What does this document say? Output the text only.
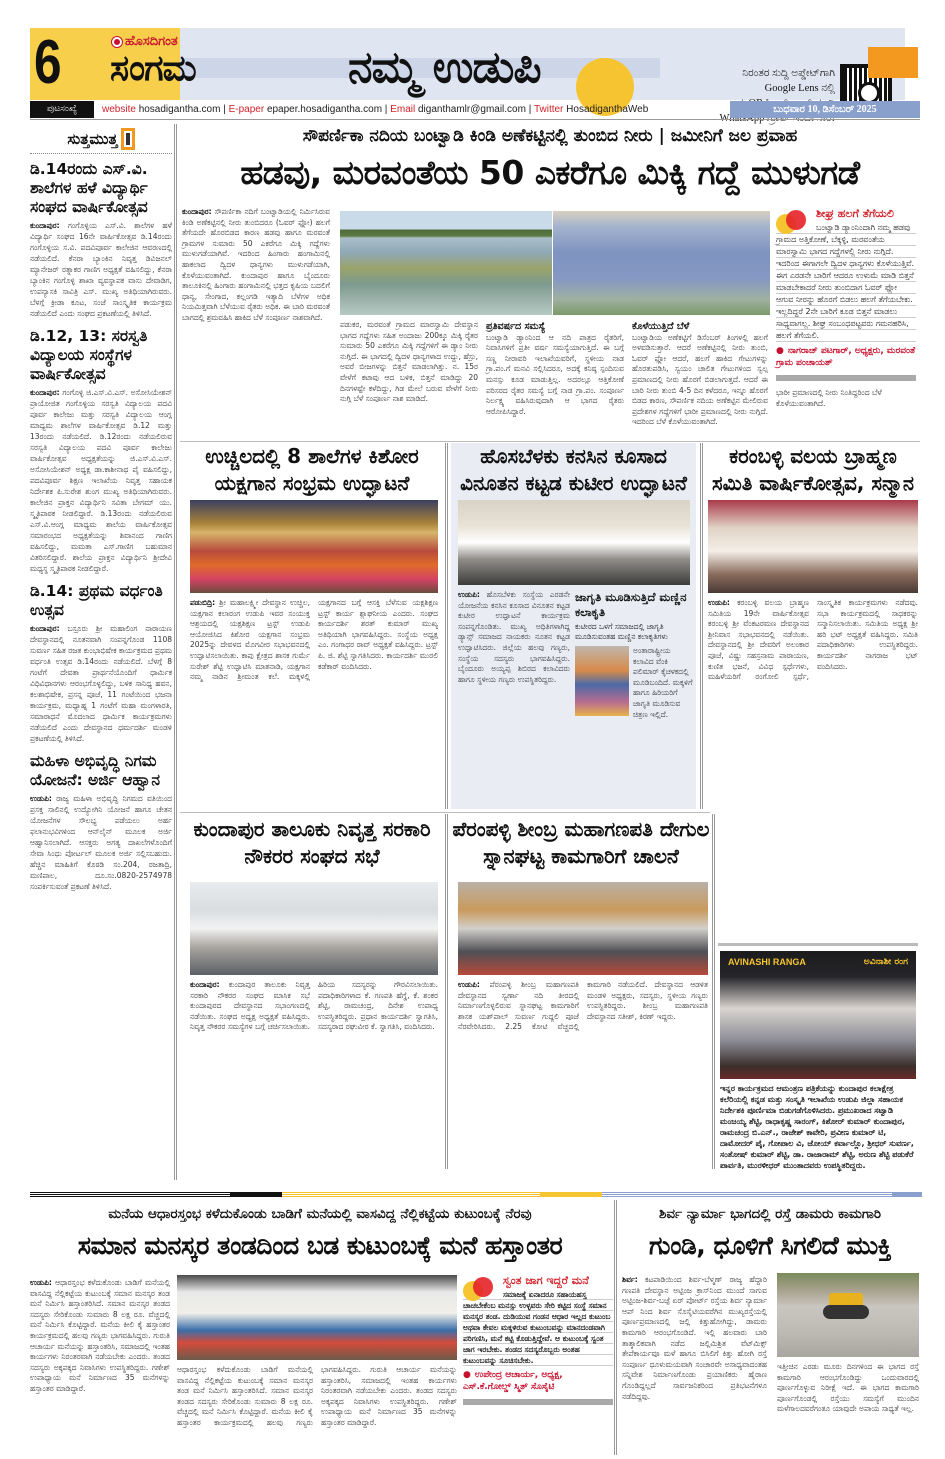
6	ಹೊಸದಿಗಂತ
ಸಂಗಮ	ನಮ್ಮ ಉಡುಪಿ	ನಿರಂತರ ಸುದ್ದಿ ಅಪ್ಡೇಟ್‌ಗಾಗಿ
Google Lens ನಲ್ಲಿ
ಪುಟಸಂಖ್ಯೆ	website hosadigantha.com | E-paper epaper.hosadigantha.com | Email diganthamlr@gmail.com | Twitter HosadiganthaWeb	ಬುಧವಾರ 10, ಡಿಸೆಂಬರ್ 2025
ಸುತ್ತಮುತ್ತ
ಡಿ.14ರಂದು ಎಸ್.ವಿ. ಶಾಲೆಗಳ ಹಳೆ ವಿದ್ಯಾರ್ಥಿ ಸಂಘದ ವಾರ್ಷಿಕೋತ್ಸವ
ಕುಂದಾಪುರ: ಗಂಗೊಳ್ಳಿಯ ಎಸ್.ವಿ. ಶಾಲೆಗಳ ಹಳೆ ವಿದ್ಯಾರ್ಥಿ ಸಂಘದ 16ನೇ ವಾರ್ಷಿಕೋತ್ಸವ ಡಿ.14ರಂದು ಗಂಗೊಳ್ಳಿಯ ಸ.ವಿ. ಪದವಿಪೂರ್ವ ಕಾಲೇಜಿನ ಆವರಣದಲ್ಲಿ ನಡೆಯಲಿದೆ. ಕೆನರಾ ಬ್ಯಾಂಕಿನ ನಿವೃತ್ತ ಡಿವಿಜನಲ್ ಮ್ಯಾನೇಜರ್ ರತ್ನಾಕರ ಗಾಣಿಗ ಅಧ್ಯಕ್ಷತೆ ವಹಿಸಲಿದ್ದು, ಕೆನರಾ ಬ್ಯಾಂಕಿನ ಗಂಗೊಳ್ಳಿ ಶಾಖಾ ವ್ಯವಸ್ಥಾಪಕ ವಾಸು ದೇವಾಡಿಗ, ಉಪನ್ಯಾಸಕಿ ಸಾವಿತ್ರಿ ಎಸ್. ಮುಖ್ಯ ಅತಿಥಿಯಾಗಿರುವರು. ಬೆಳಗ್ಗೆ ಕ್ರೀಡಾ ಕೂಟ, ಸಂಜೆ ಸಾಂಸ್ಕೃತಿಕ ಕಾರ್ಯಕ್ರಮ ನಡೆಯಲಿದೆ ಎಂದು ಸಂಘದ ಪ್ರಕಟಣೆಯಲ್ಲಿ ತಿಳಿಸಿದೆ.
ಡಿ.12, 13: ಸರಸ್ವತಿ ವಿದ್ಯಾಲಯ ಸಂಸ್ಥೆಗಳ ವಾರ್ಷಿಕೋತ್ಸವ
ಕುಂದಾಪುರ: ಗಂಗೊಳ್ಳಿ ಜಿ.ಎಸ್.ವಿ.ಎಸ್. ಅಸೋಸಿಯೇಶನ್ ಪ್ರಾಯೋಜಿತ ಗಂಗೊಳ್ಳಿಯ ಸರಸ್ವತಿ ವಿದ್ಯಾಲಯ ಪದವಿ ಪೂರ್ವ ಕಾಲೇಜು ಮತ್ತು ಸರಸ್ವತಿ ವಿದ್ಯಾಲಯ ಆಂಗ್ಲ ಮಾಧ್ಯಮ ಶಾಲೆಗಳ ವಾರ್ಷಿಕೋತ್ಸವ ಡಿ.12 ಮತ್ತು 13ರಂದು ನಡೆಯಲಿದೆ. ಡಿ.12ರಂದು ನಡೆಯಲಿರುವ ಸರಸ್ವತಿ ವಿದ್ಯಾಲಯ ಪದವಿ ಪೂರ್ವ ಕಾಲೇಜು ವಾರ್ಷಿಕೋತ್ಸವ ಅಧ್ಯಕ್ಷತೆಯನ್ನು ಜಿ.ಎಸ್.ವಿ.ಎಸ್. ಅಸೋಸಿಯೇಶನ್ ಅಧ್ಯಕ್ಷ ಡಾ.ಕಾಶೀನಾಥ ಪೈ ವಹಿಸಲಿದ್ದು, ಪದವಿಪೂರ್ವ ಶಿಕ್ಷಣ ಇಲಾಖೆಯ ನಿವೃತ್ತ ಸಹಾಯಕ ನಿರ್ದೇಶಕ ಪಿ.ಸುರೇಶ ಶುಂಗ ಮುಖ್ಯ ಅತಿಥಿಯಾಗಿರುವರು. ಕಾಲೇಜಿನ ಪ್ರಾಕ್ತನ ವಿದ್ಯಾರ್ಥಿನಿ ಸವಿತಾ ಬೇಗಮ್ ಯು. ಸ್ಮೃತಿಪಾಠಕ ನೀಡಲಿದ್ದಾರೆ. ಡಿ.13ರಂದು ನಡೆಯಲಿರುವ ಎಸ್.ವಿ.ಆಂಗ್ಲ ಮಾಧ್ಯಮ ಶಾಲೆಯ ವಾರ್ಷಿಕೋತ್ಸವ ಸಮಾರಂಭದ ಅಧ್ಯಕ್ಷತೆಯನ್ನು ಶಿವಾನಂದ ಗಾಣಿಗ ವಹಿಸಲಿದ್ದು, ಮಮತಾ ಎಸ್.ಗಾಣಿಗ ಬಹುಮಾನ ವಿತರಿಸಲಿದ್ದಾರೆ. ಶಾಲೆಯ ಪ್ರಾಕ್ತನ ವಿದ್ಯಾರ್ಥಿನಿ ಶ್ರೀದೇವಿ ಮಧ್ಯಸ್ಥ ಸ್ಮೃತಿಪಾಠಕ ನೀಡಲಿದ್ದಾರೆ.
ಡಿ.14: ಪ್ರಥಮ ವರ್ಧಂತಿ ಉತ್ಸವ
ಕುಂದಾಪುರ: ಬಸ್ರೂರು ಶ್ರೀ ಮಹಾಲಿಂಗ ನಾರಾಯಣ ದೇವಸ್ಥಾನದಲ್ಲಿ ನೂತನವಾಗಿ ಸಂಪನ್ನಗೊಂಡ 1108 ಸುವರ್ಣ ಸಹಿತ ರಜತ ಕುಂಭಾಭಿಷೇಕ ಕಾರ್ಯಕ್ರಮದ ಪ್ರಥಮ ವರ್ಧಂತಿ ಉತ್ಸವ ಡಿ.14ರಂದು ನಡೆಯಲಿದೆ. ಬೆಳಗ್ಗೆ 8 ಗಂಟೆಗೆ ದೇವತಾ ಪ್ರಾರ್ಥನೆಯೊಂದಿಗೆ ಧಾರ್ಮಿಕ ವಿಧಿವಿಧಾನಗಳು ಆರಂಭಗೊಳ್ಳಲಿದ್ದು, ಬಳಿಕ ಸಾನಿಧ್ಯ ಹವನ, ಕಲಶಾಭಿಷೇಕ, ಪ್ರಸನ್ನ ಪೂಜೆ, 11 ಗಂಟೆಯಿಂದ ಭಜನಾ ಕಾರ್ಯಕ್ರಮ, ಮಧ್ಯಾಹ್ನ 1 ಗಂಟೆಗೆ ಮಹಾ ಮಂಗಳಾರತಿ, ಸಮಾರಾಧನೆ ಮೊದಲಾದ ಧಾರ್ಮಿಕ ಕಾರ್ಯಕ್ರಮಗಳು ನಡೆಯಲಿದೆ ಎಂದು ದೇವಸ್ಥಾನದ ಧರ್ಮದರ್ಶಿ ಮಂಡಳಿ ಪ್ರಕಟಣೆಯಲ್ಲಿ ತಿಳಿಸಿದೆ.
ಮಹಿಳಾ ಅಭಿವೃದ್ಧಿ ನಿಗಮ ಯೋಜನೆ: ಅರ್ಜಿ ಆಹ್ವಾನ
ಉಡುಪಿ: ರಾಜ್ಯ ಮಹಿಳಾ ಅಭಿವೃದ್ಧಿ ನಿಗಮದ ವತಿಯಿಂದ ಪ್ರಸಕ್ತ ಸಾಲಿನಲ್ಲಿ ಉದ್ಯೋಗಿನಿ ಯೋಜನೆ ಹಾಗೂ ಚೇತನ ಯೋಜನೆಗಳ ಸೌಲಭ್ಯ ಪಡೆಯಲು ಅರ್ಹ ಫಲಾನುಭವಿಗಳಿಂದ ಆನ್‌ಲೈನ್ ಮೂಲಕ ಅರ್ಜಿ ಆಹ್ವಾನಿಸಲಾಗಿದೆ. ಆಸಕ್ತರು ಅಗತ್ಯ ದಾಖಲೆಗಳೊಂದಿಗೆ ಸೇವಾ ಸಿಂಧು ಪೋರ್ಟಲ್ ಮೂಲಕ ಅರ್ಜಿ ಸಲ್ಲಿಸಬಹುದು. ಹೆಚ್ಚಿನ ಮಾಹಿತಿಗೆ ಕೊಠಡಿ ಸಂ.204, ರಜತಾದ್ರಿ, ಮಣಿಪಾಲ, ದೂ.ಸಂ.0820-2574978 ಸಂಪರ್ಕಿಸುವಂತೆ ಪ್ರಕಟಣೆ ತಿಳಿಸಿದೆ.
ಸೌಪರ್ಣಿಕಾ ನದಿಯ ಬಂಟ್ವಾಡಿ ಕಿಂಡಿ ಅಣೆಕಟ್ಟಿನಲ್ಲಿ ತುಂಬಿದ ನೀರು | ಜಮೀನಿಗೆ ಜಲ ಪ್ರವಾಹ
ಹಡವು, ಮರವಂತೆಯ 50 ಎಕರೆಗೂ ಮಿಕ್ಕಿ ಗದ್ದೆ ಮುಳುಗಡೆ
ಕುಂದಾಪುರ: ಸೌಪರ್ಣಿಕಾ ನದಿಗೆ ಬಂಟ್ವಾಡಿಯಲ್ಲಿ ನಿರ್ಮಿಸಿರುವ ಕಿಂಡಿ ಅಣೆಕಟ್ಟಿನಲ್ಲಿ ನೀರು ತುಂಬಿದರೂ (ಓವರ್ ಫ್ಲೋ) ಹಲಗೆ ತೆಗೆಯದೇ ಹೊರಬಿಡದ ಕಾರಣ ಹಡವು ಹಾಗೂ ಮರವಂತೆ ಗ್ರಾಮಗಳ ಸುಮಾರು 50 ಎಕರೆಗೂ ಮಿಕ್ಕಿ ಗದ್ದೆಗಳು ಮುಳುಗಡೆಯಾಗಿವೆ. ಇದರಿಂದ ಹಿಂಗಾರು ಹಂಗಾಮಿನಲ್ಲಿ ಹಾಕಲಾದ ದ್ವಿದಳ ಧಾನ್ಯಗಳು ಮುಳುಗಡೆಯಾಗಿ, ಕೊಳೆಯುವಂತಾಗಿದೆ. ಕುಂದಾಪುರ ಹಾಗೂ ಬೈಂದೂರು ತಾಲೂಕಿನಲ್ಲಿ ಹಿಂಗಾರು ಹಂಗಾಮಿನಲ್ಲಿ ಭತ್ತದ ಕೃಷಿಯ ಬದಲಿಗೆ ಧಾನ್ಯ, ಸೇಂಗಾದ, ಕಲ್ಲಂಗಡಿ ಇತ್ಯಾದಿ ಬೆಳೆಗಳ ಅಧಿಕ ನಿಯಮಿತ್ತವಾಗಿ ಬೆಳೆಯುವ ರೈತರು ಅಧಿಕ. ಈ ಬಾರಿ ಮರವಂತೆ ಬಾಗದಲ್ಲಿ ಶ್ರಮವಹಿಸಿ ಹಾಕಿದ ಬೆಳೆ ಸಂಪೂರ್ಣ ನಾಶವಾಗಿದೆ.
ಪಡುಕರ, ಮರವಂತೆ ಗ್ರಾಮದ ಮಾರಸ್ವಾಮಿ ದೇವಸ್ಥಾನ ಭಾಗದ ಗದ್ದೆಗಳು ಸಹಿತ ಅಂದಾಜು 200ಕ್ಕೂ ಮಿಕ್ಕಿ ರೈತರ ಸುಮಾರು 50 ಎಕರೆಗೂ ಮಿಕ್ಕಿ ಗದ್ದೆಗಳಿಗೆ ಈ ಡ್ಯಾಂ ನೀರು ನುಗ್ಗಿದೆ. ಈ ಭಾಗದಲ್ಲಿ ದ್ವಿದಳ ಧಾನ್ಯಗಳಾದ ಉದ್ದು, ಹೆಸ್ರು, ಅವರೆ ಬೀಜಗಳನ್ನು ಬಿತ್ತನೆ ಮಾಡಲಾಗಿತ್ತು. ನ. 15ರ ವೇಳೆಗೆ ಕಟಾವು ಆದ ಬಳಿಕ, ಬಿತ್ತನೆ ಮಾಡಿದ್ದು 20 ದಿನಗಳಷ್ಟೇ ಕಳೆದಿದ್ದು, ಗಿಡ ಮೇಲೆ ಬರುವ ವೇಳೆಗೆ ನೀರು ನುಗ್ಗಿ ಬೆಳೆ ಸಂಪೂರ್ಣ ನಾಶ ಮಾಡಿದೆ.
ಪ್ರತಿವರ್ಷದ ಸಮಸ್ಯೆ
ಬಂಟ್ವಾಡಿ ಡ್ಯಾಂನಿಂದ ಆ ನದಿ ಪಾತ್ರದ ರೈತರಿಗೆ, ನಿವಾಸಿಗಳಿಗೆ ಪ್ರತೀ ವರ್ಷ ಸಮಸ್ಯೆಯಾಗುತ್ತಿದೆ. ಈ ಬಗ್ಗೆ ಸಣ್ಣ ನೀರಾವರಿ ಇಲಾಖೆಯವರಿಗೆ, ಸ್ಥಳೀಯ ನಾಡ ಗ್ರಾ.ಪಂ.ಗೆ ಮನವಿ ಸಲ್ಲಿಸಿದರೂ, ಅದಕ್ಕೆ ಕನಿಷ್ಠ ಸ್ಪಂದಿಸುವ ಮನಸ್ಸು ಕೂಡ ಮಾಡುತ್ತಿಲ್ಲ. ಅದರಲ್ಲೂ ಆತ್ತಿಕೋಣೆ ಪರಿಸರದ ರೈತರ ಸಮಸ್ಯೆ ಬಗ್ಗೆ ನಾಡ ಗ್ರಾ.ಪಂ. ಸಂಪೂರ್ಣ ನಿರ್ಲಕ್ಷ್ಯ ವಹಿಸಿರುವುದಾಗಿ ಆ ಭಾಗದ ರೈತರು ಆರೋಪಿಸಿದ್ದಾರೆ.
ಕೊಳೆಯುತ್ತಿದೆ ಬೆಳೆ
ಬಂಟ್ವಾಡಿಯ ಅಣೆಕಟ್ಟಿಗೆ ಡಿಸೆಂಬರ್ ತಿಂಗಳಲ್ಲಿ ಹಲಗೆ ಅಳವಡಿಸುತ್ತಾರೆ. ಆದರೆ ಅಣೆಕಟ್ಟಿನಲ್ಲಿ ನೀರು ತುಂಬಿ, ಓವರ್ ಫ್ಲೋ ಆದರೆ, ಹಲಗೆ ಹಾಕಿದ ಗೇಟುಗಳನ್ನು ಹೊರತುಪಡಿಸಿ, ಸ್ವಯಂ ಚಾಲಿತ ಗೇಟುಗಳಿಂದ ಸ್ವಲ್ಪ ಪ್ರಮಾಣದಲ್ಲಿ ನೀರು ಹೊರಗೆ ಬಿಡಲಾಗುತ್ತದೆ. ಆದರೆ ಈ ಬಾರಿ ನೀರು ತುಂಬಿ 4-5 ದಿನ ಕಳೆದರೂ, ಇನ್ನೂ ಹೊರಗೆ ಬಿಡದ ಕಾರಣ, ಸೌಪರ್ಣಿಕ ನದಿಯ ಅಣೆಕಟ್ಟಿನ ಮೇಲಿರುವ ಪ್ರದೇಶಗಳ ಗದ್ದೆಗಳಿಗೆ ಭಾರೀ ಪ್ರಮಾಣದಲ್ಲಿ ನೀರು ನುಗ್ಗಿದೆ. ಇದರಿಂದ ಬೆಳೆ ಕೊಳೆಯುವಂತಾಗಿದೆ.
ಶೀಘ್ರ ಹಲಗೆ ತೆಗೆಯಲಿ
ಬಂಟ್ವಾಡಿ ಡ್ಯಾಂನಿಂದಾಗಿ ನಮ್ಮ ಹಡವು ಗ್ರಾಮದ ಅತ್ತಿಕೋಣೆ, ಬೆಕ್ಕಳ್ಳಿ, ಮರವಂತೆಯ ಮಾರಸ್ವಾಮಿ ಭಾಗದ ಗದ್ದೆಗಳಲ್ಲಿ ನೀರು ನುಗ್ಗಿದೆ. ಇದರಿಂದ ಈಗಾಗಲೇ ದ್ವಿದಳ ಧಾನ್ಯಗಳು ಕೊಳೆಯುತ್ತಿವೆ. ಈಗ ಎರಡನೇ ಬಾರಿಗೆ ಆದರೂ ಉಳುಮೆ ಮಾಡಿ ಬಿತ್ತನೆ ಮಾಡಬೇಕಾದರೆ ನೀರು ತುಂಬಿದಾಗ ಓವರ್ ಫ್ಲೋ ಆಗುವ ನೀರನ್ನು ಹೊರಗೆ ಬಿಡಲು ಹಲಗೆ ತೆಗೆಯಬೇಕು. ಇಲ್ಲದಿದ್ದರೆ 2ನೇ ಬಾರಿಗೆ ಕೂಡ ಬಿತ್ತನೆ ಮಾಡಲು ಸಾಧ್ಯವಾಗಲ್ಲ. ಶೀಘ್ರ ಸಂಬಂಧಪಟ್ಟವರು ಗಮನಹರಿಸಿ, ಹಲಗೆ ತೆಗೆಯಲಿ.
● ನಾಗರಾಜ್ ಪಟಗಾರ್, ಅಧ್ಯಕ್ಷರು, ಮರವಂತೆ ಗ್ರಾಮ ಪಂಚಾಯತ್
ಭಾರೀ ಪ್ರಮಾಣದಲ್ಲಿ ನೀರು ನಿಂತಿದ್ದರಿಂದ ಬೆಳೆ ಕೊಳೆಯುವಂತಾಗಿದೆ.
ಉಚ್ಚಿಲದಲ್ಲಿ 8 ಶಾಲೆಗಳ ಕಿಶೋರ ಯಕ್ಷಗಾನ ಸಂಭ್ರಮ ಉದ್ಘಾಟನೆ
ಪಡುಬಿದ್ರಿ: ಶ್ರೀ ಮಹಾಲಕ್ಷ್ಮೀ ದೇವಸ್ಥಾನ ಉಚ್ಚಿಲ, ಯಕ್ಷಗಾನ ಕಲಾರಂಗ ಉಡುಪಿ ಇವರ ಸಂಯುಕ್ತ ಆಶ್ರಯದಲ್ಲಿ ಯಕ್ಷಶಿಕ್ಷಣ ಟ್ರಸ್ಟ್ ಉಡುಪಿ ಆಯೋಜಿಸಿದ ಕಿಶೋರ ಯಕ್ಷಗಾನ ಸಂಭ್ರಮ 2025ನ್ನು ದೇವಳದ ಮೊಗವೀರ ಸಭಾಭವನದಲ್ಲಿ ಉದ್ಘಾಟಿಸಲಾಯಿತು. ಕಾಪು ಕ್ಷೇತ್ರದ ಶಾಸಕ ಗುರ್ಮೆ ಸುರೇಶ್ ಶೆಟ್ಟಿ ಉದ್ಘಾಟಿಸಿ ಮಾತನಾಡಿ, ಯಕ್ಷಗಾನ ನಮ್ಮ ನಾಡಿನ ಶ್ರೀಮಂತ ಕಲೆ. ಮಕ್ಕಳಲ್ಲಿ ಯಕ್ಷಗಾನದ ಬಗ್ಗೆ ಆಸಕ್ತಿ ಬೆಳೆಸುವ ಯಕ್ಷಶಿಕ್ಷಣ ಟ್ರಸ್ಟ್ ಕಾರ್ಯ ಶ್ಲಾಘನೀಯ ಎಂದರು. ಸಂಘದ ಕಾರ್ಯದರ್ಶಿ ಶರತ್ ಕುಮಾರ್ ಮುಖ್ಯ ಅತಿಥಿಯಾಗಿ ಭಾಗವಹಿಸಿದ್ದರು. ಸಂಸ್ಥೆಯ ಅಧ್ಯಕ್ಷ ಎಂ. ಗಂಗಾಧರ ರಾವ್ ಅಧ್ಯಕ್ಷತೆ ವಹಿಸಿದ್ದರು. ಟ್ರಸ್ಟ್ ಪಿ. ಜಿ. ಶೆಟ್ಟಿ ಸ್ವಾಗತಿಸಿದರು. ಕಾರ್ಯದರ್ಶಿ ಮುರಲಿ ಕಡೆಕಾರ್ ವಂದಿಸಿದರು.
ಹೊಸಬೆಳಕು ಕನಸಿನ ಕೂಸಾದ ವಿನೂತನ ಕಟ್ಟಡ ಕುಟೀರ ಉದ್ಘಾಟನೆ
ಉಡುಪಿ: ಹೊಸಬೆಳಕು ಸಂಸ್ಥೆಯ ಎರಡನೇ ಯೋಜನೆಯ ಕನಸಿನ ಕೂಸಾದ ವಿನೂತನ ಕಟ್ಟಡ ಕುಟೀರ ಉದ್ಘಾಟನೆ ಕಾರ್ಯಕ್ರಮ ಸಂಪನ್ನಗೊಂಡಿತು. ಮುಖ್ಯ ಅಧಿತಿಗಳಾಗಿದ್ದ ಡ್ಯಾನ್ಸ್ ಸಮಾಜದ ನಾಯಕರು ನೂತನ ಕಟ್ಟಡ ಉದ್ಘಾಟಿಸಿದರು. ಜಿಲ್ಲೆಯ ಹಲವು ಗಣ್ಯರು, ಸಂಸ್ಥೆಯ ಸದಸ್ಯರು ಭಾಗವಹಿಸಿದ್ದರು. ಬೈಂದೂರು ಅಯ್ಯಪ್ಪ ಶಿಬಿರದ ಕಲಾವಿದರು ಹಾಗೂ ಸ್ಥಳೀಯ ಗಣ್ಯರು ಉಪಸ್ಥಿತರಿದ್ದರು.
ಜಾಗೃತಿ ಮೂಡಿಸುತ್ತಿದೆ ಮಣ್ಣಿನ ಕಲಾಕೃತಿ
ಕುಟೀರದ ಒಳಗೆ ಸಮಾಜದಲ್ಲಿ ಜಾಗೃತಿ ಮೂಡಿಸುವಂತಹ ಮಣ್ಣಿನ ಕಲಾಕೃತಿಗಳು
ಅಂತಾರಾಷ್ಟ್ರೀಯ ಕಲಾವಿದ ವೆಂಕಿ ಪಲಿಮಾರ್ ಕೈಚಳಕದಲ್ಲಿ ಮೂಡಿಬಂದಿದೆ. ಮಕ್ಕಳಿಗೆ ಹಾಗೂ ಹಿರಿಯರಿಗೆ ಜಾಗೃತಿ ಮೂಡಿಸುವ ಚಿತ್ರಣ ಇಲ್ಲಿದೆ.
ಕರಂಬಳ್ಳಿ ವಲಯ ಬ್ರಾಹ್ಮಣ ಸಮಿತಿ ವಾರ್ಷಿಕೋತ್ಸವ, ಸನ್ಮಾನ
ಉಡುಪಿ: ಕರಂಬಳ್ಳಿ ವಲಯ ಬ್ರಾಹ್ಮಣ ಸಮಿತಿಯ 19ನೇ ವಾರ್ಷಿಕೋತ್ಸವ ಕರಂಬಳ್ಳಿ ಶ್ರೀ ವೆಂಕಟರಮಣ ದೇವಸ್ಥಾನದ ಶ್ರೀನಿವಾಸ ಸಭಾಭವನದಲ್ಲಿ ನಡೆಯಿತು. ದೇವಸ್ಥಾನದಲ್ಲಿ ಶ್ರೀ ದೇವರಿಗೆ ಅಲಂಕಾರ ಪೂಜೆ, ವಿಷ್ಣು ಸಹಸ್ರನಾಮ ಪಾರಾಯಣ, ಕುಣಿತ ಭಜನೆ, ವಿವಿಧ ಸ್ಪರ್ಧೆಗಳು, ಮಹಿಳೆಯರಿಗೆ ರಂಗೋಲಿ ಸ್ಪರ್ಧೆ, ಸಾಂಸ್ಕೃತಿಕ ಕಾರ್ಯಕ್ರಮಗಳು ನಡೆದವು. ಸಭಾ ಕಾರ್ಯಕ್ರಮದಲ್ಲಿ ಸಾಧಕರನ್ನು ಸನ್ಮಾನಿಸಲಾಯಿತು. ಸಮಿತಿಯ ಅಧ್ಯಕ್ಷ ಶ್ರೀ ಹರಿ ಭಟ್ ಅಧ್ಯಕ್ಷತೆ ವಹಿಸಿದ್ದರು. ಸಮಿತಿ ಪದಾಧಿಕಾರಿಗಳು ಉಪಸ್ಥಿತರಿದ್ದರು. ಕಾರ್ಯದರ್ಶಿ ನಾಗರಾಜ ಭಟ್ ವಂದಿಸಿದರು.
ಕುಂದಾಪುರ ತಾಲೂಕು ನಿವೃತ್ತ ಸರಕಾರಿ ನೌಕರರ ಸಂಘದ ಸಭೆ
ಕುಂದಾಪುರ: ಕುಂದಾಪುರ ತಾಲೂಕು ನಿವೃತ್ತ ಸರಕಾರಿ ನೌಕರರ ಸಂಘದ ಮಾಸಿಕ ಸಭೆ ಕುಂದಾಪುರದ ದೇವಸ್ಥಾನದ ಸಭಾಂಗಣದಲ್ಲಿ ನಡೆಯಿತು. ಸಂಘದ ಅಧ್ಯಕ್ಷ ಅಧ್ಯಕ್ಷತೆ ವಹಿಸಿದ್ದರು. ನಿವೃತ್ತ ನೌಕರರ ಸಮಸ್ಯೆಗಳ ಬಗ್ಗೆ ಚರ್ಚಿಸಲಾಯಿತು. ಹಿರಿಯ ಸದಸ್ಯರನ್ನು ಗೌರವಿಸಲಾಯಿತು. ಪದಾಧಿಕಾರಿಗಳಾದ ಕೆ. ಗಣಪತಿ ಹೆಗ್ಡೆ, ಕೆ. ಶಂಕರ ಶೆಟ್ಟಿ, ರಾಮಚಂದ್ರ, ದಿನೇಶ ಉಪಾಧ್ಯ ಉಪಸ್ಥಿತರಿದ್ದರು. ಪ್ರಧಾನ ಕಾರ್ಯದರ್ಶಿ ಸ್ವಾಗತಿಸಿ, ಸದಸ್ಯರಾದ ರಘುವೀರ ಕೆ. ಸ್ವಾಗತಿಸಿ, ವಂದಿಸಿದರು.
ಪೆರಂಪಳ್ಳಿ ಶೀಂಬ್ರ ಮಹಾಗಣಪತಿ ದೇಗುಲ ಸ್ನಾನಘಟ್ಟ ಕಾಮಗಾರಿಗೆ ಚಾಲನೆ
ಉಡುಪಿ: ಪೆರಂಪಳ್ಳಿ ಶೀಂಬ್ರ ಮಹಾಗಣಪತಿ ದೇವಸ್ಥಾನದ ಸ್ವರ್ಣಾ ನದಿ ತೀರದಲ್ಲಿ ನಿರ್ಮಾಣಗೊಳ್ಳಲಿರುವ ಸ್ನಾನಘಟ್ಟ ಕಾಮಗಾರಿಗೆ ಶಾಸಕ ಯಶ್‌ಪಾಲ್ ಸುವರ್ಣ ಗುದ್ದಲಿ ಪೂಜೆ ನೆರವೇರಿಸಿದರು. 2.25 ಕೋಟಿ ವೆಚ್ಚದಲ್ಲಿ ಕಾಮಗಾರಿ ನಡೆಯಲಿದೆ. ದೇವಸ್ಥಾನದ ಆಡಳಿತ ಮಂಡಳಿ ಅಧ್ಯಕ್ಷರು, ಸದಸ್ಯರು, ಸ್ಥಳೀಯ ಗಣ್ಯರು ಉಪಸ್ಥಿತರಿದ್ದರು. ಶೀಂಬ್ರ ಮಹಾಗಣಪತಿ ದೇವಸ್ಥಾನದ ಸತೀಶ್, ಕಿರಣ್ ಇದ್ದರು.
AVINASHI RANGA	ಅವಿನಾಶೀ ರಂಗ
ಇನ್ನರ ಕಾರ್ಯಕ್ರಮದ ಆಮಂತ್ರಣ ಪತ್ರಿಕೆಯನ್ನು ಕುಂದಾಪುರ ಕಲಾಕ್ಷೇತ್ರ ಕಲೆರಿಯಲ್ಲಿ ಕನ್ನಡ ಮತ್ತು ಸಂಸ್ಕೃತಿ ಇಲಾಖೆಯ ಉಡುಪಿ ಜಿಲ್ಲಾ ಸಹಾಯಕ ನಿರ್ದೇಶಕಿ ಪೂರ್ಣಿಮಾ ಬಿಡುಗಡೆಗೊಳಿಸಿದರು. ಪ್ರಮುಖರಾದ ಸಟ್ವಾಡಿ ಮಂಜಯ್ಯ ಶೆಟ್ಟಿ, ರಾಧಾಕೃಷ್ಣ ಸಾರಂಗ್, ಕಿಶೋರ್ ಕುಮಾರ್ ಕುಂದಾಪುರ, ರಾಮಚಂದ್ರ ಬಿ.ಎನ್., ರಾಜೇಶ್ ಕಾವೇರಿ, ಪ್ರವೀಣ ಕುಮಾರ್ ಟಿ, ದಾಮೋದರ್ ಪೈ, ಗೋಪಾಲ ವಿ, ಜೋಯ್ ಕರ್ವಾಲ್ಲೊ, ಶ್ರೀಧರ್ ಸುವರ್ಣ, ಸಂತೋಷ್ ಕುಮಾರ್ ಶೆಟ್ಟಿ, ಡಾ. ರಾಜಾರಾಮ್ ಶೆಟ್ಟಿ, ಅರುಣ ಶೆಟ್ಟಿ ಪಡುಕೆರೆ ಪಾರ್ವತಿ, ಮುರಳೀಧರ್ ಮುಂತಾದವರು ಉಪಸ್ಥಿತರಿದ್ದರು.
ಮನೆಯ ಆಧಾರಸ್ತಂಭ ಕಳೆದುಕೊಂಡು ಬಾಡಿಗೆ ಮನೆಯಲ್ಲಿ ವಾಸವಿದ್ದ ನೆಲ್ಲಿಕಟ್ಟೆಯ ಕುಟುಂಬಕ್ಕೆ ನೆರವು
ಸಮಾನ ಮನಸ್ಕರ ತಂಡದಿಂದ ಬಡ ಕುಟುಂಬಕ್ಕೆ ಮನೆ ಹಸ್ತಾಂತರ
ಉಡುಪಿ: ಆಧಾರಸ್ತಂಭ ಕಳೆದುಕೊಂಡು ಬಾಡಿಗೆ ಮನೆಯಲ್ಲಿ ವಾಸವಿದ್ದ ನೆಲ್ಲಿಕಟ್ಟೆಯ ಕುಟುಂಬಕ್ಕೆ ಸಮಾನ ಮನಸ್ಕರ ತಂಡ ಮನೆ ನಿರ್ಮಿಸಿ ಹಸ್ತಾಂತರಿಸಿದೆ. ಸಮಾನ ಮನಸ್ಕರ ತಂಡದ ಸದಸ್ಯರು ಸೇರಿಕೊಂಡು ಸುಮಾರು 8 ಲಕ್ಷ ರೂ. ವೆಚ್ಚದಲ್ಲಿ ಮನೆ ನಿರ್ಮಿಸಿ ಕೊಟ್ಟಿದ್ದಾರೆ. ಮನೆಯ ಕೀಲಿ ಕೈ ಹಸ್ತಾಂತರ ಕಾರ್ಯಕ್ರಮದಲ್ಲಿ ಹಲವು ಗಣ್ಯರು ಭಾಗವಹಿಸಿದ್ದರು. ಗುರುತಿ ಆಚಾರ್ಯ ಮನೆಯನ್ನು ಹಸ್ತಾಂತರಿಸಿ, ಸಮಾಜದಲ್ಲಿ ಇಂತಹ ಕಾರ್ಯಗಳು ನಿರಂತರವಾಗಿ ನಡೆಯಬೇಕು ಎಂದರು. ತಂಡದ ಸದಸ್ಯರು ಅಕ್ಕಪಕ್ಕದ ನಿವಾಸಿಗಳು ಉಪಸ್ಥಿತರಿದ್ದರು. ಗಣೇಶ್ ಉಪಾಧ್ಯಾಯ ಮನೆ ನಿರ್ಮಾಣದ 35 ಮನೆಗಳನ್ನು ಹಸ್ತಾಂತರ ಮಾಡಿದ್ದಾರೆ.
ಆಧಾರಸ್ತಂಭ ಕಳೆದುಕೊಂಡು ಬಾಡಿಗೆ ಮನೆಯಲ್ಲಿ ವಾಸವಿದ್ದ ನೆಲ್ಲಿಕಟ್ಟೆಯ ಕುಟುಂಬಕ್ಕೆ ಸಮಾನ ಮನಸ್ಕರ ತಂಡ ಮನೆ ನಿರ್ಮಿಸಿ ಹಸ್ತಾಂತರಿಸಿದೆ. ಸಮಾನ ಮನಸ್ಕರ ತಂಡದ ಸದಸ್ಯರು ಸೇರಿಕೊಂಡು ಸುಮಾರು 8 ಲಕ್ಷ ರೂ. ವೆಚ್ಚದಲ್ಲಿ ಮನೆ ನಿರ್ಮಿಸಿ ಕೊಟ್ಟಿದ್ದಾರೆ. ಮನೆಯ ಕೀಲಿ ಕೈ ಹಸ್ತಾಂತರ ಕಾರ್ಯಕ್ರಮದಲ್ಲಿ ಹಲವು ಗಣ್ಯರು ಭಾಗವಹಿಸಿದ್ದರು. ಗುರುತಿ ಆಚಾರ್ಯ ಮನೆಯನ್ನು ಹಸ್ತಾಂತರಿಸಿ, ಸಮಾಜದಲ್ಲಿ ಇಂತಹ ಕಾರ್ಯಗಳು ನಿರಂತರವಾಗಿ ನಡೆಯಬೇಕು ಎಂದರು. ತಂಡದ ಸದಸ್ಯರು ಅಕ್ಕಪಕ್ಕದ ನಿವಾಸಿಗಳು ಉಪಸ್ಥಿತರಿದ್ದರು. ಗಣೇಶ್ ಉಪಾಧ್ಯಾಯ ಮನೆ ನಿರ್ಮಾಣದ 35 ಮನೆಗಳನ್ನು ಹಸ್ತಾಂತರ ಮಾಡಿದ್ದಾರೆ.
ಸ್ವಂತ ಜಾಗ ಇದ್ದರೆ ಮನೆ
ಸಮಾಜಕ್ಕೆ ಏನಾದರೂ ಸಹಾಯಹಸ್ತ ಚಾಚಬೇಕೆಂಬ ಮನಸ್ಸು ಉಳ್ಳವರು ಸೇರಿ ಕಟ್ಟಿದ ಸಂಸ್ಥೆ ಸಮಾನ ಮನಸ್ಕರ ತಂಡ. ದುಡಿಯುವ ಗಂಡನ ಆಧಾರ ಇಲ್ಲದ ಕುಟುಂಬ ಅಥವಾ ಕೇವಲ ಮಕ್ಕಳಿರುವ ಕುಟುಂಬವನ್ನು ಮಾನದಂಡವಾಗಿ ಪರಿಗಣಿಸಿ, ಮನೆ ಕಟ್ಟಿ ಕೊಡುತ್ತಿದ್ದೇವೆ. ಆ ಕುಟುಂಬಕ್ಕೆ ಸ್ವಂತ ಜಾಗ ಇರಬೇಕು. ತಂಡದ ಸದಸ್ಯರೊಬ್ಬರು ಅಂತಹ ಕುಟುಂಬವನ್ನು ಸೂಚಿಸಬೇಕು.
● ಉಪೇಂದ್ರ ಆಚಾರ್ಯ, ಅಧ್ಯಕ್ಷ, ಎಸ್.ಕೆ.ಗೋಲ್ಡ್ ಸ್ಮಿತ್ ಸೊಸೈಟಿ
ಶಿರ್ವ ನ್ಯಾರ್ಮಾ ಭಾಗದಲ್ಲಿ ರಸ್ತೆ ಡಾಮರು ಕಾಮಗಾರಿ
ಗುಂಡಿ, ಧೂಳಿಗೆ ಸಿಗಲಿದೆ ಮುಕ್ತಿ
ಶಿರ್ವ: ಕಟಪಾಡಿಯಿಂದ ಶಿರ್ವ-ಬೆಳ್ಮಣ್ ರಾಜ್ಯ ಹೆದ್ದಾರಿ ಗಣಪತಿ ದೇವಸ್ಥಾನ ಅಟ್ಟಿಂಜ ಕ್ರಾಸ್‌ನಿಂದ ಮುಂದೆ ಸಾಗುವ ಅಟ್ಟಿಂಜ-ಶಿರ್ವ-ಬಜ್ಪೆ ಏರ್ ಪೋರ್ಟ್ ರಸ್ತೆಯ ಶಿರ್ವ ನ್ಯಾರ್ಮಾ ಆಪ್ ನಿಂದ ಶಿರ್ವ ಸೊಸೈಟಿಯವರೆಗಿನ ಮುಖ್ಯರಸ್ತೆಯಲ್ಲಿ ಪೂರ್ಣಪ್ರಮಾಣದಲ್ಲಿ ಜಲ್ಲಿ ಕಿತ್ತುಹೋಗಿದ್ದು, ಡಾಮರು ಕಾಮಗಾರಿ ಆರಂಭಗೊಂಡಿದೆ. ಇಲ್ಲಿ ಹಲವಾರು ಬಾರಿ ತಾತ್ಕಾಲಿಕವಾಗಿ ನಡೆದ ಜಲ್ಲಿಮಿಶ್ರಿತ ವೆಟ್‌ಮಿಕ್ಸ್ ತೇಪೆಕಾರ್ಯವೂ ಮಳೆ ಹಾಗೂ ಬಿಸಿಲಿಗೆ ಕಿತ್ತು ಹೋಗಿ ರಸ್ತೆ ಸಂಪೂರ್ಣ ಧೂಳುಮಯವಾಗಿ ಸಂಚಾರವೇ ಅಸಾಧ್ಯವಾದಂತಹ ಸನ್ನಿವೇಶ ನಿರ್ಮಾಣಗೊಂಡು ಪ್ರಯಾಣಿಕರು ಹೈರಾಣ ಗೊಂಡಿದ್ದಲ್ಲದೆ ಸಾರ್ವಜನಿಕರಿಂದ ಪ್ರತಿಭಟನೆಗಳೂ ನಡೆದಿದ್ದವು.
ಇತ್ತೀಚಿನ ಎರಡು ಮೂರು ದಿನಗಳಿಂದ ಈ ಭಾಗದ ರಸ್ತೆ ಕಾಮಗಾರಿ ಆರಂಭಗೊಂಡಿದ್ದು ಒಂದುವಾರದಲ್ಲಿ ಪೂರ್ಣಗೊಳ್ಳುವ ನಿರೀಕ್ಷೆ ಇದೆ. ಈ ಭಾಗದ ಕಾಮಗಾರಿ ಪೂರ್ಣಗೊಂಡಲ್ಲಿ ರಸ್ತೆಯು ಸಮಸ್ಯೆಗೆ ಮುಂದಿನ ಮಳೆಗಾಲದವರೆಗಂತೂ ಯಾವುದೇ ಅಪಾಯ ಸಾಧ್ಯತೆ ಇಲ್ಲ.
